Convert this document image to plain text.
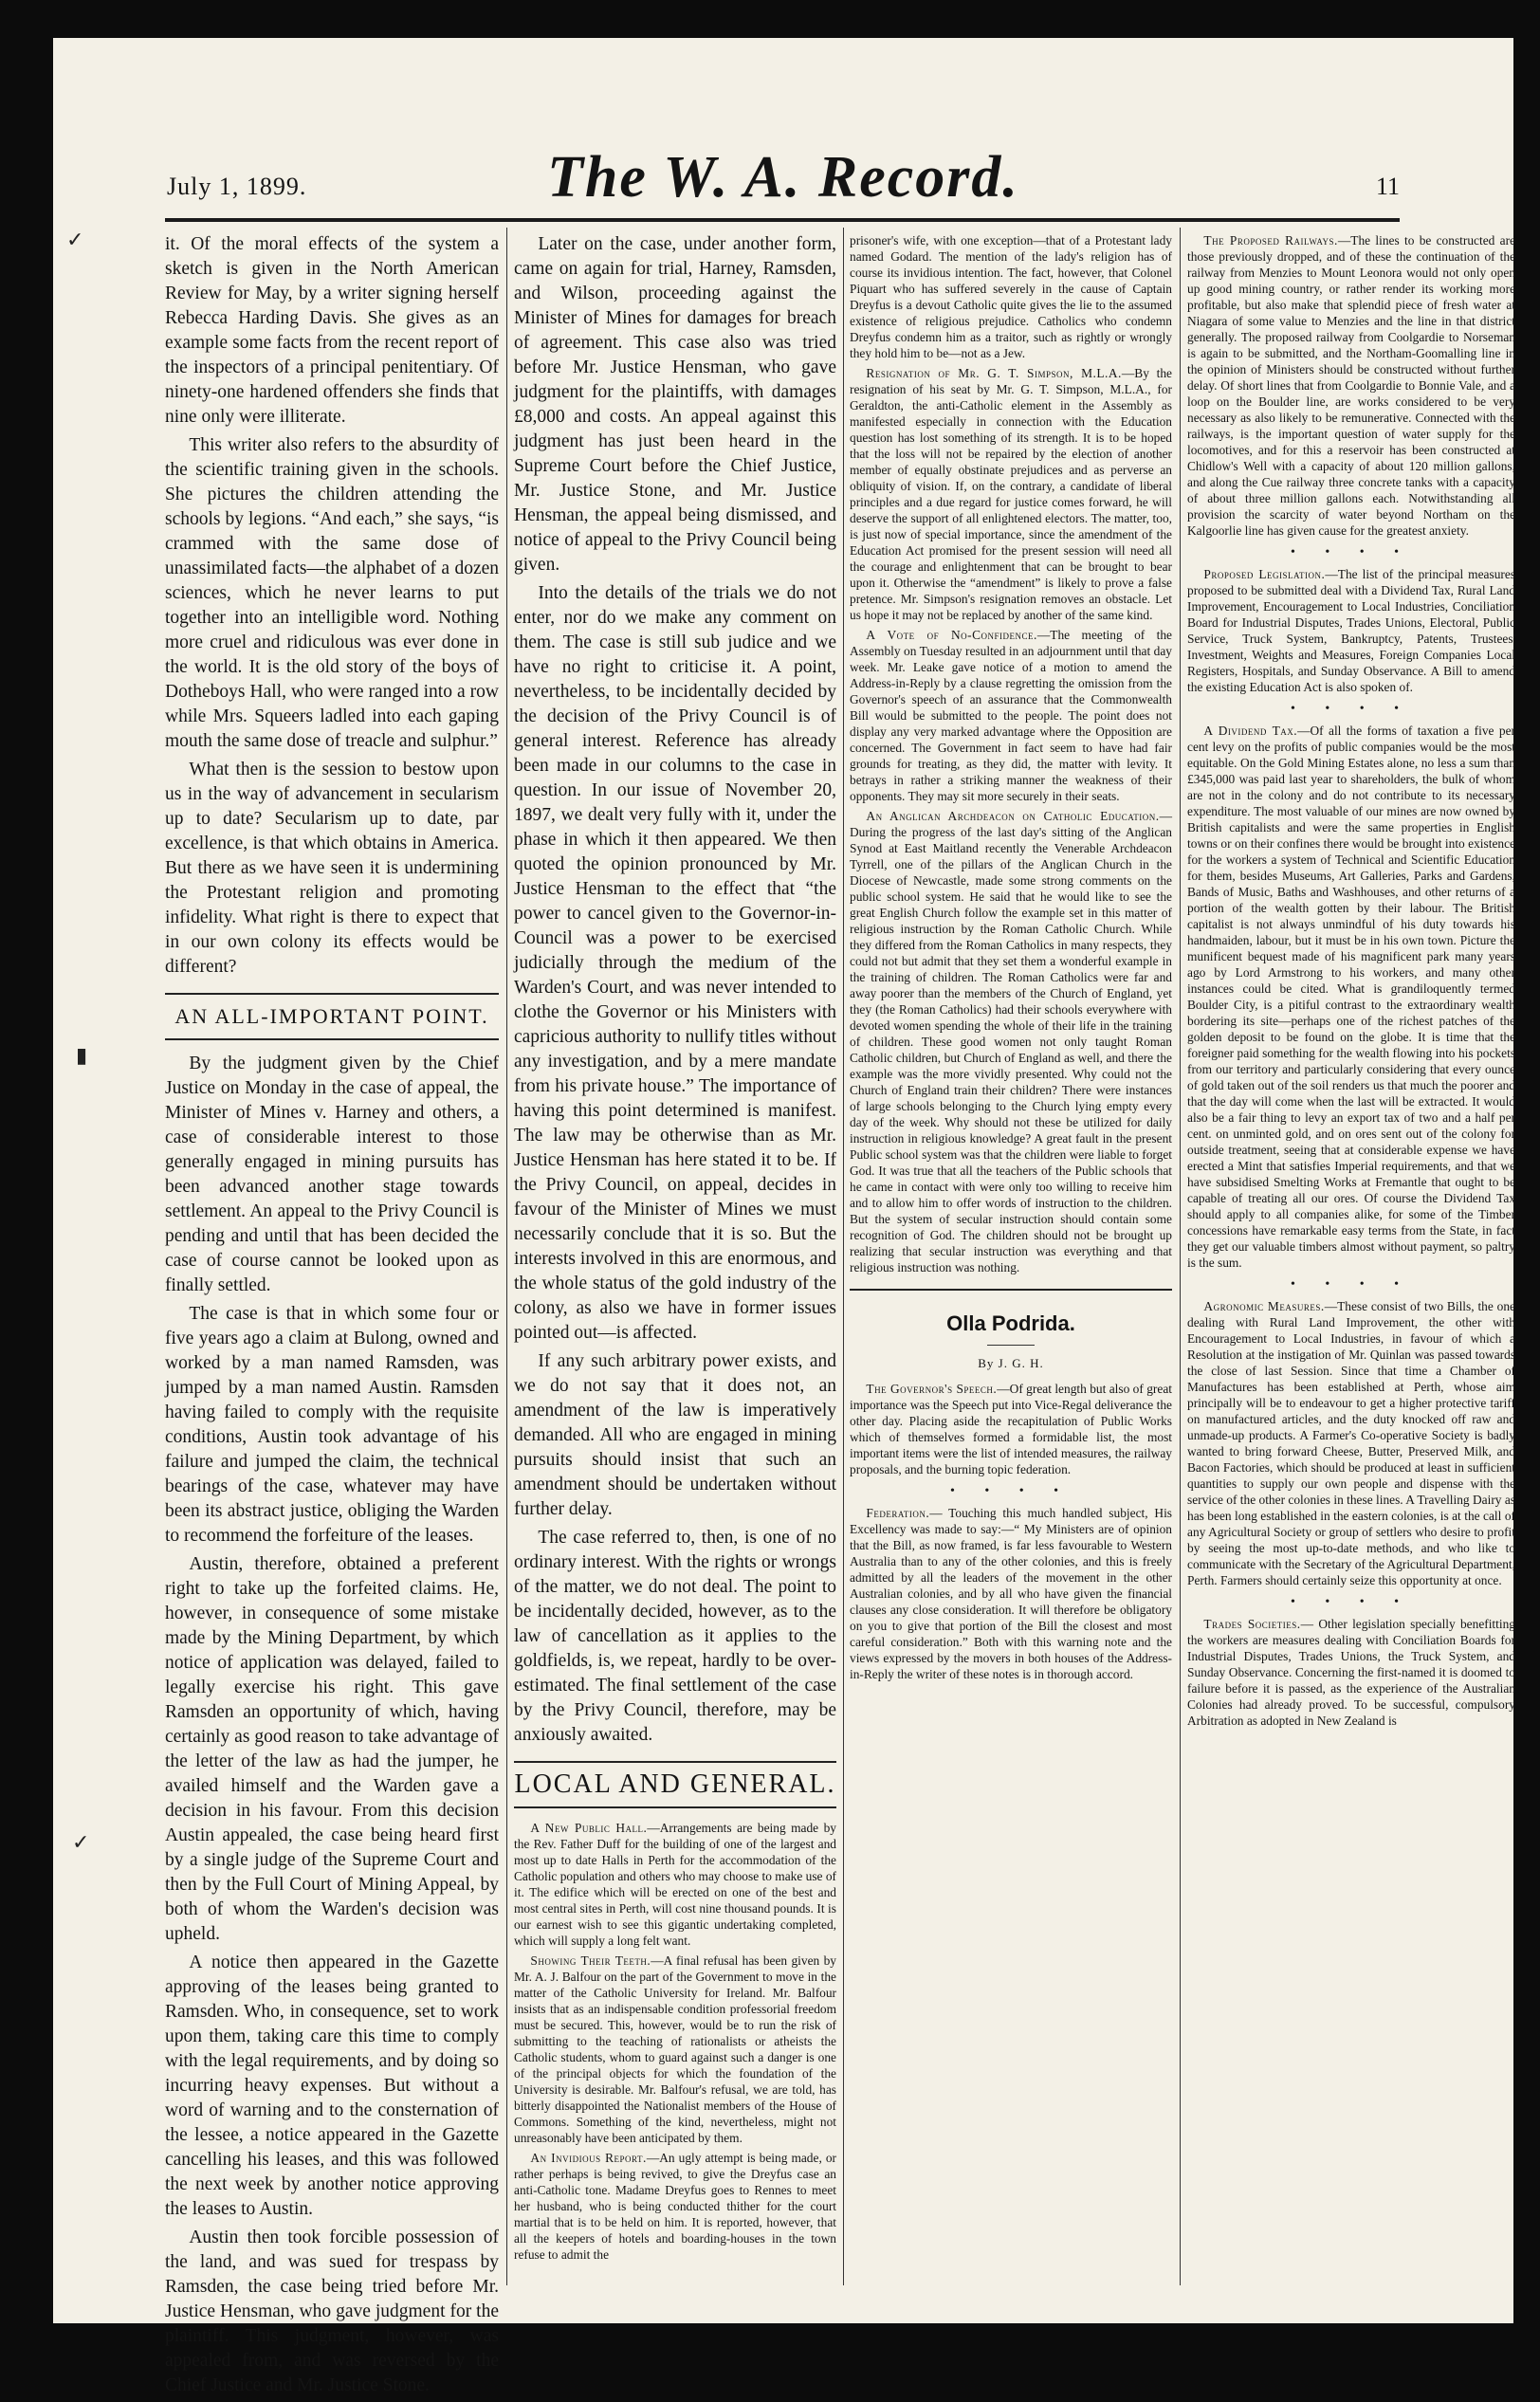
July 1, 1899.	The W. A. Record.	11
✓
▮
✓

it. Of the moral effects of the system a sketch is given in the North American Review for May, by a writer signing herself Rebecca Harding Davis. She gives as an example some facts from the recent report of the inspectors of a principal penitentiary. Of ninety-one hardened offenders she finds that nine only were illiterate.

This writer also refers to the absurdity of the scientific training given in the schools. She pictures the children attending the schools by legions. “And each,” she says, “is crammed with the same dose of unassimilated facts—the alphabet of a dozen sciences, which he never learns to put together into an intelligible word. Nothing more cruel and ridiculous was ever done in the world. It is the old story of the boys of Dotheboys Hall, who were ranged into a row while Mrs. Squeers ladled into each gaping mouth the same dose of treacle and sulphur.”

What then is the session to bestow upon us in the way of advancement in secularism up to date? Secularism up to date, par excellence, is that which obtains in America. But there as we have seen it is undermining the Protestant religion and promoting infidelity. What right is there to expect that in our own colony its effects would be different?

AN ALL-IMPORTANT POINT.

By the judgment given by the Chief Justice on Monday in the case of appeal, the Minister of Mines v. Harney and others, a case of considerable interest to those generally engaged in mining pursuits has been advanced another stage towards settlement. An appeal to the Privy Council is pending and until that has been decided the case of course cannot be looked upon as finally settled.

The case is that in which some four or five years ago a claim at Bulong, owned and worked by a man named Ramsden, was jumped by a man named Austin. Ramsden having failed to comply with the requisite conditions, Austin took advantage of his failure and jumped the claim, the technical bearings of the case, whatever may have been its abstract justice, obliging the Warden to recommend the forfeiture of the leases.

Austin, therefore, obtained a preferent right to take up the forfeited claims. He, however, in consequence of some mistake made by the Mining Department, by which notice of application was delayed, failed to legally exercise his right. This gave Ramsden an opportunity of which, having certainly as good reason to take advantage of the letter of the law as had the jumper, he availed himself and the Warden gave a decision in his favour. From this decision Austin appealed, the case being heard first by a single judge of the Supreme Court and then by the Full Court of Mining Appeal, by both of whom the Warden's decision was upheld.

A notice then appeared in the Gazette approving of the leases being granted to Ramsden. Who, in consequence, set to work upon them, taking care this time to comply with the legal requirements, and by doing so incurring heavy expenses. But without a word of warning and to the consternation of the lessee, a notice appeared in the Gazette cancelling his leases, and this was followed the next week by another notice approving the leases to Austin.

Austin then took forcible possession of the land, and was sued for trespass by Ramsden, the case being tried before Mr. Justice Hensman, who gave judgment for the plaintiff. This judgment, however, was appealed from, and was reversed by the Chief Justice and Mr. Justice Stone.

Later on the case, under another form, came on again for trial, Harney, Ramsden, and Wilson, proceeding against the Minister of Mines for damages for breach of agreement. This case also was tried before Mr. Justice Hensman, who gave judgment for the plaintiffs, with damages £8,000 and costs. An appeal against this judgment has just been heard in the Supreme Court before the Chief Justice, Mr. Justice Stone, and Mr. Justice Hensman, the appeal being dismissed, and notice of appeal to the Privy Council being given.

Into the details of the trials we do not enter, nor do we make any comment on them. The case is still sub judice and we have no right to criticise it. A point, nevertheless, to be incidentally decided by the decision of the Privy Council is of general interest. Reference has already been made in our columns to the case in question. In our issue of November 20, 1897, we dealt very fully with it, under the phase in which it then appeared. We then quoted the opinion pronounced by Mr. Justice Hensman to the effect that “the power to cancel given to the Governor-in-Council was a power to be exercised judicially through the medium of the Warden's Court, and was never intended to clothe the Governor or his Ministers with capricious authority to nullify titles without any investigation, and by a mere mandate from his private house.” The importance of having this point determined is manifest. The law may be otherwise than as Mr. Justice Hensman has here stated it to be. If the Privy Council, on appeal, decides in favour of the Minister of Mines we must necessarily conclude that it is so. But the interests involved in this are enormous, and the whole status of the gold industry of the colony, as also we have in former issues pointed out—is affected.

If any such arbitrary power exists, and we do not say that it does not, an amendment of the law is imperatively demanded. All who are engaged in mining pursuits should insist that such an amendment should be undertaken without further delay.

The case referred to, then, is one of no ordinary interest. With the rights or wrongs of the matter, we do not deal. The point to be incidentally decided, however, as to the law of cancellation as it applies to the goldfields, is, we repeat, hardly to be over-estimated. The final settlement of the case by the Privy Council, therefore, may be anxiously awaited.

LOCAL AND GENERAL.

A New Public Hall.—Arrangements are being made by the Rev. Father Duff for the building of one of the largest and most up to date Halls in Perth for the accommodation of the Catholic population and others who may choose to make use of it. The edifice which will be erected on one of the best and most central sites in Perth, will cost nine thousand pounds. It is our earnest wish to see this gigantic undertaking completed, which will supply a long felt want.

Showing Their Teeth.—A final refusal has been given by Mr. A. J. Balfour on the part of the Government to move in the matter of the Catholic University for Ireland. Mr. Balfour insists that as an indispensable condition professorial freedom must be secured. This, however, would be to run the risk of submitting to the teaching of rationalists or atheists the Catholic students, whom to guard against such a danger is one of the principal objects for which the foundation of the University is desirable. Mr. Balfour's refusal, we are told, has bitterly disappointed the Nationalist members of the House of Commons. Something of the kind, nevertheless, might not unreasonably have been anticipated by them.

An Invidious Report.—An ugly attempt is being made, or rather perhaps is being revived, to give the Dreyfus case an anti-Catholic tone. Madame Dreyfus goes to Rennes to meet her husband, who is being conducted thither for the court martial that is to be held on him. It is reported, however, that all the keepers of hotels and boarding-houses in the town refuse to admit the

prisoner's wife, with one exception—that of a Protestant lady named Godard. The mention of the lady's religion has of course its invidious intention. The fact, however, that Colonel Piquart who has suffered severely in the cause of Captain Dreyfus is a devout Catholic quite gives the lie to the assumed existence of religious prejudice. Catholics who condemn Dreyfus condemn him as a traitor, such as rightly or wrongly they hold him to be—not as a Jew.

Resignation of Mr. G. T. Simpson, M.L.A.—By the resignation of his seat by Mr. G. T. Simpson, M.L.A., for Geraldton, the anti-Catholic element in the Assembly as manifested especially in connection with the Education question has lost something of its strength. It is to be hoped that the loss will not be repaired by the election of another member of equally obstinate prejudices and as perverse an obliquity of vision. If, on the contrary, a candidate of liberal principles and a due regard for justice comes forward, he will deserve the support of all enlightened electors. The matter, too, is just now of special importance, since the amendment of the Education Act promised for the present session will need all the courage and enlightenment that can be brought to bear upon it. Otherwise the “amendment” is likely to prove a false pretence. Mr. Simpson's resignation removes an obstacle. Let us hope it may not be replaced by another of the same kind.

A Vote of No-Confidence.—The meeting of the Assembly on Tuesday resulted in an adjournment until that day week. Mr. Leake gave notice of a motion to amend the Address-in-Reply by a clause regretting the omission from the Governor's speech of an assurance that the Commonwealth Bill would be submitted to the people. The point does not display any very marked advantage where the Opposition are concerned. The Government in fact seem to have had fair grounds for treating, as they did, the matter with levity. It betrays in rather a striking manner the weakness of their opponents. They may sit more securely in their seats.

An Anglican Archdeacon on Catholic Education.—During the progress of the last day's sitting of the Anglican Synod at East Maitland recently the Venerable Archdeacon Tyrrell, one of the pillars of the Anglican Church in the Diocese of Newcastle, made some strong comments on the public school system. He said that he would like to see the great English Church follow the example set in this matter of religious instruction by the Roman Catholic Church. While they differed from the Roman Catholics in many respects, they could not but admit that they set them a wonderful example in the training of children. The Roman Catholics were far and away poorer than the members of the Church of England, yet they (the Roman Catholics) had their schools everywhere with devoted women spending the whole of their life in the training of children. These good women not only taught Roman Catholic children, but Church of England as well, and there the example was the more vividly presented. Why could not the Church of England train their children? There were instances of large schools belonging to the Church lying empty every day of the week. Why should not these be utilized for daily instruction in religious knowledge? A great fault in the present Public school system was that the children were liable to forget God. It was true that all the teachers of the Public schools that he came in contact with were only too willing to receive him and to allow him to offer words of instruction to the children. But the system of secular instruction should contain some recognition of God. The children should not be brought up realizing that secular instruction was everything and that religious instruction was nothing.

Olla Podrida.
By J. G. H.

The Governor's Speech.—Of great length but also of great importance was the Speech put into Vice-Regal deliverance the other day. Placing aside the recapitulation of Public Works which of themselves formed a formidable list, the most important items were the list of intended measures, the railway proposals, and the burning topic federation.

• • • •

Federation.— Touching this much handled subject, His Excellency was made to say:—“ My Ministers are of opinion that the Bill, as now framed, is far less favourable to Western Australia than to any of the other colonies, and this is freely admitted by all the leaders of the movement in the other Australian colonies, and by all who have given the financial clauses any close consideration. It will therefore be obligatory on you to give that portion of the Bill the closest and most careful consideration.” Both with this warning note and the views expressed by the movers in both houses of the Address-in-Reply the writer of these notes is in thorough accord.

The Proposed Railways.—The lines to be constructed are those previously dropped, and of these the continuation of the railway from Menzies to Mount Leonora would not only open up good mining country, or rather render its working more profitable, but also make that splendid piece of fresh water at Niagara of some value to Menzies and the line in that district generally. The proposed railway from Coolgardie to Norseman is again to be submitted, and the Northam-Goomalling line in the opinion of Ministers should be constructed without further delay. Of short lines that from Coolgardie to Bonnie Vale, and a loop on the Boulder line, are works considered to be very necessary as also likely to be remunerative. Connected with the railways, is the important question of water supply for the locomotives, and for this a reservoir has been constructed at Chidlow's Well with a capacity of about 120 million gallons, and along the Cue railway three concrete tanks with a capacity of about three million gallons each. Notwithstanding all provision the scarcity of water beyond Northam on the Kalgoorlie line has given cause for the greatest anxiety.

• • • •

Proposed Legislation.—The list of the principal measures proposed to be submitted deal with a Dividend Tax, Rural Land Improvement, Encouragement to Local Industries, Conciliation Board for Industrial Disputes, Trades Unions, Electoral, Public Service, Truck System, Bankruptcy, Patents, Trustees' Investment, Weights and Measures, Foreign Companies Local Registers, Hospitals, and Sunday Observance. A Bill to amend the existing Education Act is also spoken of.

• • • •

A Dividend Tax.—Of all the forms of taxation a five per cent levy on the profits of public companies would be the most equitable. On the Gold Mining Estates alone, no less a sum than £345,000 was paid last year to shareholders, the bulk of whom are not in the colony and do not contribute to its necessary expenditure. The most valuable of our mines are now owned by British capitalists and were the same properties in English towns or on their confines there would be brought into existence for the workers a system of Technical and Scientific Education for them, besides Museums, Art Galleries, Parks and Gardens, Bands of Music, Baths and Washhouses, and other returns of a portion of the wealth gotten by their labour. The British capitalist is not always unmindful of his duty towards his handmaiden, labour, but it must be in his own town. Picture the munificent bequest made of his magnificent park many years ago by Lord Armstrong to his workers, and many other instances could be cited. What is grandiloquently termed Boulder City, is a pitiful contrast to the extraordinary wealth bordering its site—perhaps one of the richest patches of the golden deposit to be found on the globe. It is time that the foreigner paid something for the wealth flowing into his pockets from our territory and particularly considering that every ounce of gold taken out of the soil renders us that much the poorer and that the day will come when the last will be extracted. It would also be a fair thing to levy an export tax of two and a half per cent. on unminted gold, and on ores sent out of the colony for outside treatment, seeing that at considerable expense we have erected a Mint that satisfies Imperial requirements, and that we have subsidised Smelting Works at Fremantle that ought to be capable of treating all our ores. Of course the Dividend Tax should apply to all companies alike, for some of the Timber concessions have remarkable easy terms from the State, in fact they get our valuable timbers almost without payment, so paltry is the sum.

• • • •

Agronomic Measures.—These consist of two Bills, the one dealing with Rural Land Improvement, the other with Encouragement to Local Industries, in favour of which a Resolution at the instigation of Mr. Quinlan was passed towards the close of last Session. Since that time a Chamber of Manufactures has been established at Perth, whose aim principally will be to endeavour to get a higher protective tariff on manufactured articles, and the duty knocked off raw and unmade-up products. A Farmer's Co-operative Society is badly wanted to bring forward Cheese, Butter, Preserved Milk, and Bacon Factories, which should be produced at least in sufficient quantities to supply our own people and dispense with the service of the other colonies in these lines. A Travelling Dairy as has been long established in the eastern colonies, is at the call of any Agricultural Society or group of settlers who desire to profit by seeing the most up-to-date methods, and who like to communicate with the Secretary of the Agricultural Department, Perth. Farmers should certainly seize this opportunity at once.

• • • •

Trades Societies.— Other legislation specially benefitting the workers are measures dealing with Conciliation Boards for Industrial Disputes, Trades Unions, the Truck System, and Sunday Observance. Concerning the first-named it is doomed to failure before it is passed, as the experience of the Australian Colonies had already proved. To be successful, compulsory Arbitration as adopted in New Zealand is
